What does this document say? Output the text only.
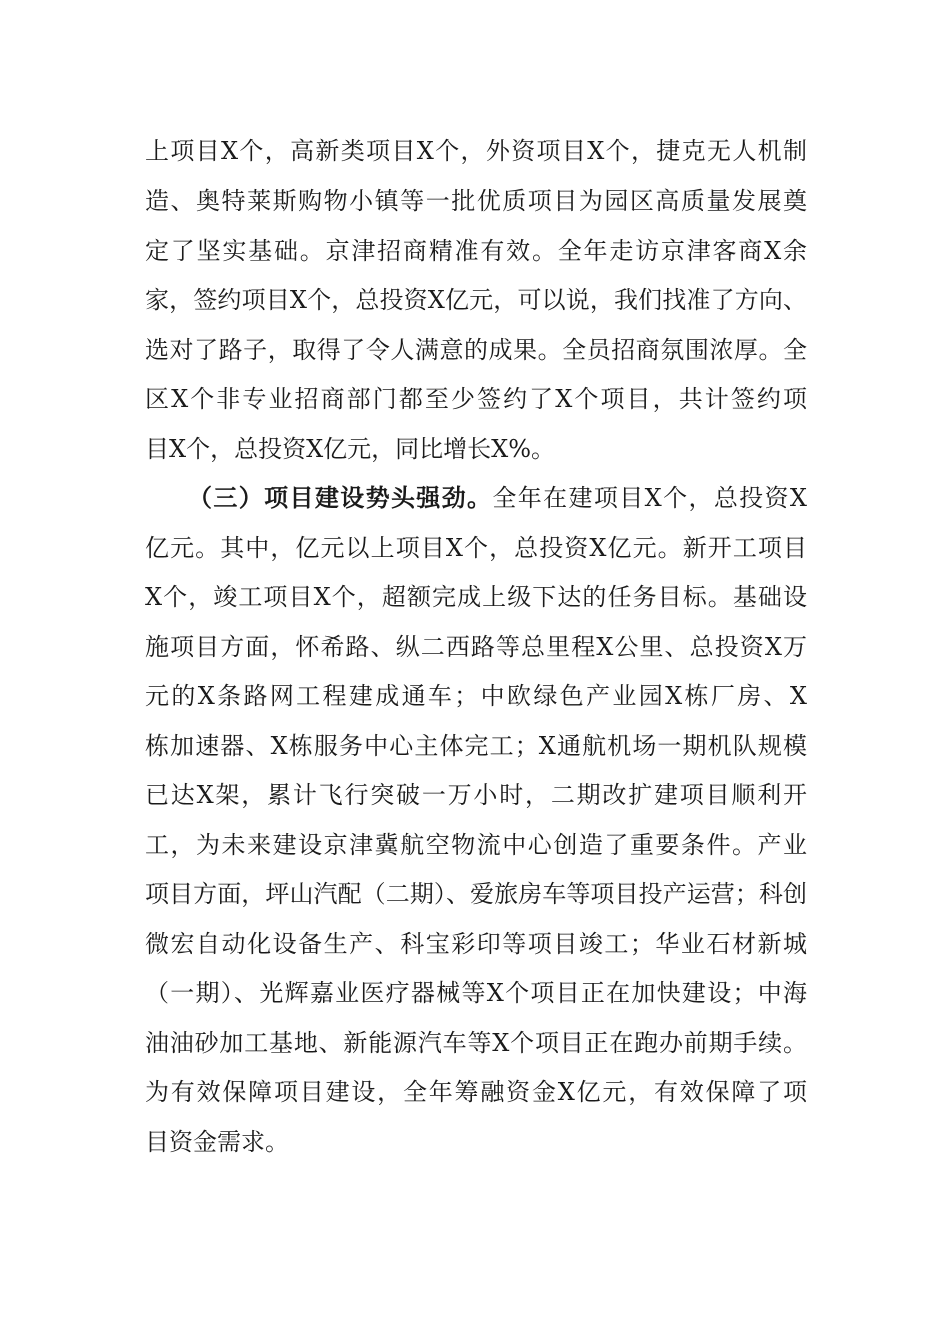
上项目X个，高新类项目X个，外资项目X个，捷克无人机制
造、奥特莱斯购物小镇等一批优质项目为园区高质量发展奠
定了坚实基础。京津招商精准有效。全年走访京津客商X余
家，签约项目X个，总投资X亿元，可以说，我们找准了方向、
选对了路子，取得了令人满意的成果。全员招商氛围浓厚。全
区X个非专业招商部门都至少签约了X个项目，共计签约项
目X个，总投资X亿元，同比增长X%。
（三）项目建设势头强劲。全年在建项目X个，总投资X
亿元。其中，亿元以上项目X个，总投资X亿元。新开工项目
X个，竣工项目X个，超额完成上级下达的任务目标。基础设
施项目方面，怀希路、纵二西路等总里程X公里、总投资X万
元的X条路网工程建成通车；中欧绿色产业园X栋厂房、X
栋加速器、X栋服务中心主体完工；X通航机场一期机队规模
已达X架，累计飞行突破一万小时，二期改扩建项目顺利开
工，为未来建设京津冀航空物流中心创造了重要条件。产业
项目方面，坪山汽配（二期）、爱旅房车等项目投产运营；科创
微宏自动化设备生产、科宝彩印等项目竣工；华业石材新城
（一期）、光辉嘉业医疗器械等X个项目正在加快建设；中海
油油砂加工基地、新能源汽车等X个项目正在跑办前期手续。
为有效保障项目建设，全年筹融资金X亿元，有效保障了项
目资金需求。
